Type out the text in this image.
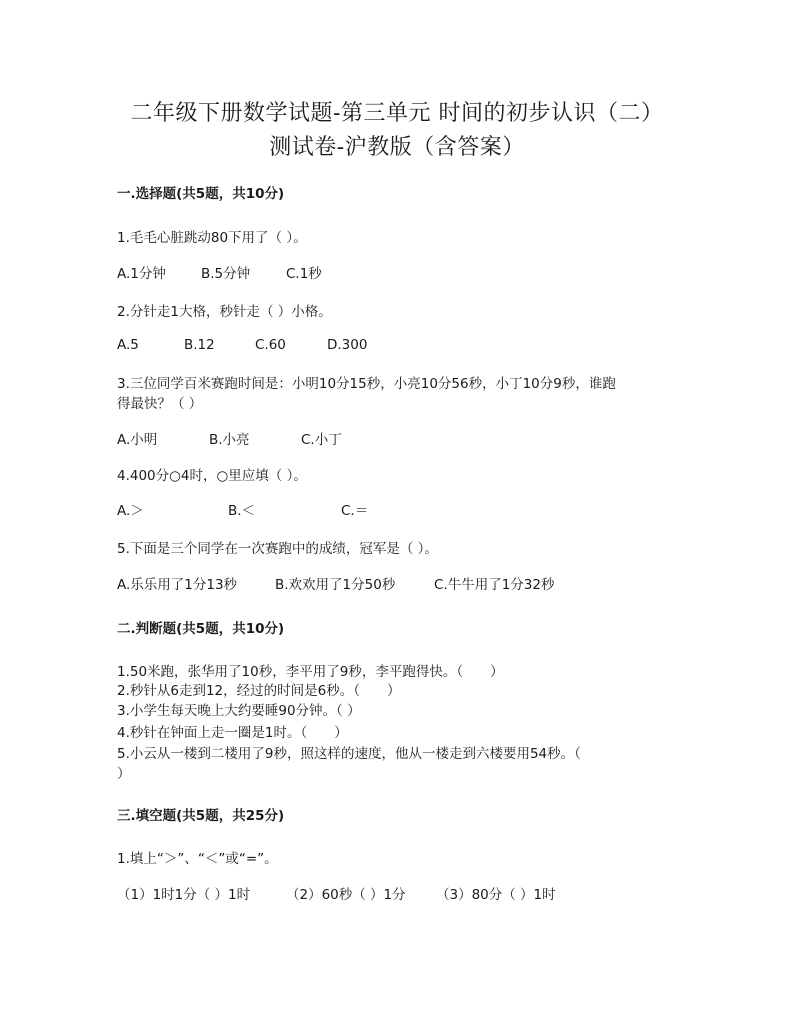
二年级下册数学试题-第三单元 时间的初步认识（二）
测试卷-沪教版（含答案）
一.选择题(共5题，共10分)
1.毛毛心脏跳动80下用了（ ）。
A.1分钟	B.5分钟	C.1秒
2.分针走1大格，秒针走（ ）小格。
A.5	B.12	C.60	D.300
3.三位同学百米赛跑时间是：小明10分15秒，小亮10分56秒，小丁10分9秒，谁跑
得最快？（ ）
A.小明	B.小亮	C.小丁
4.400分○4时，○里应填（ ）。
A.＞	B.＜	C.＝
5.下面是三个同学在一次赛跑中的成绩，冠军是（ ）。
A.乐乐用了1分13秒	B.欢欢用了1分50秒	C.牛牛用了1分32秒
二.判断题(共5题，共10分)
1.50米跑，张华用了10秒，李平用了9秒，李平跑得快。（　　）
2.秒针从6走到12，经过的时间是6秒。（　　）
3.小学生每天晚上大约要睡90分钟。（ ）
4.秒针在钟面上走一圈是1时。（　　）
5.小云从一楼到二楼用了9秒，照这样的速度，他从一楼走到六楼要用54秒。（
）
三.填空题(共5题，共25分)
1.填上“＞”、“＜”或“=”。
（1）1时1分（ ）1时	（2）60秒（ ）1分 （3）80分（ ）1时
